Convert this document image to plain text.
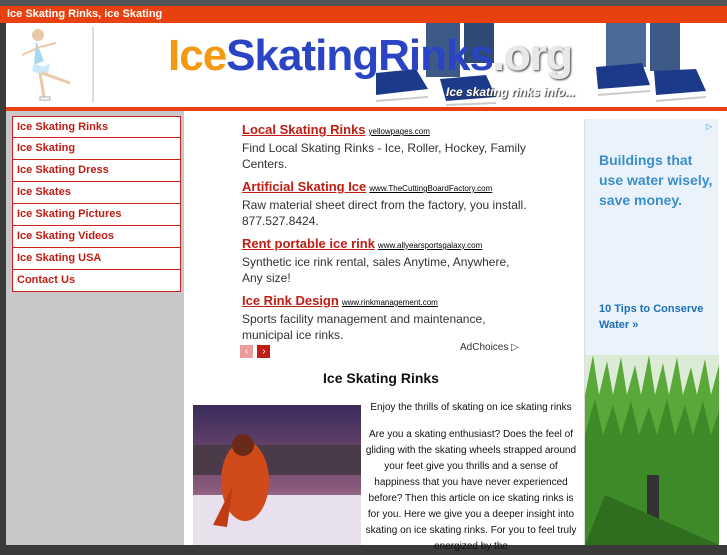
Ice Skating Rinks, ice Skating
IceSkatingRinks.org
Ice skating rinks info...
Ice Skating Rinks
Ice Skating
Ice Skating Dress
Ice Skates
Ice Skating Pictures
Ice Skating Videos
Ice Skating USA
Contact Us
Local Skating Rinks yellowpages.com
Find Local Skating Rinks - Ice, Roller, Hockey, Family Centers.
Artificial Skating Ice www.TheCuttingBoardFactory.com
Raw material sheet direct from the factory, you install. 877.527.8424.
Rent portable ice rink www.allyearsportsgalaxy.com
Synthetic ice rink rental, sales Anytime, Anywhere, Any size!
Ice Rink Design www.rinkmanagement.com
Sports facility management and maintenance, municipal ice rinks.
‹ ›	AdChoices ▷
Ice Skating Rinks
Enjoy the thrills of skating on ice skating rinks
Are you a skating enthusiast? Does the feel of gliding with the skating wheels strapped around your feet give you thrills and a sense of happiness that you have never experienced before? Then this article on ice skating rinks is for you. Here we give you a deeper insight into skating on ice skating rinks. For you to feel truly energized by the
▷
Buildings that use water wisely, save money.
10 Tips to Conserve Water »
